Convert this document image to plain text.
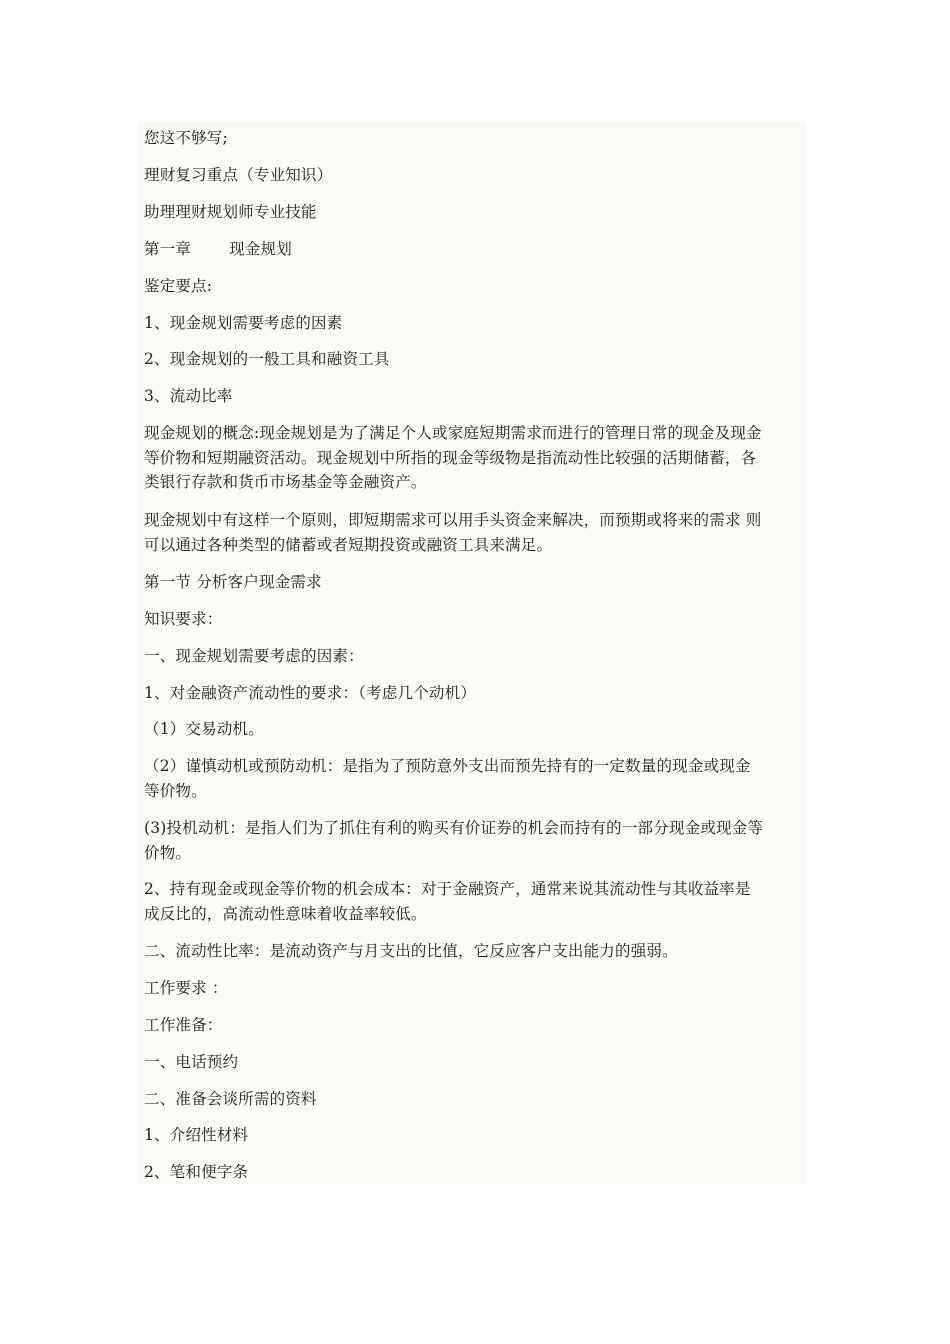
您这不够写;
理财复习重点（专业知识）
助理理财规划师专业技能
第一章 现金规划
鉴定要点:
1、现金规划需要考虑的因素
2、现金规划的一般工具和融资工具
3、流动比率
现金规划的概念:现金规划是为了满足个人或家庭短期需求而进行的管理日常的现金及现金
等价物和短期融资活动。现金规划中所指的现金等级物是指流动性比较强的活期储蓄，各
类银行存款和货币市场基金等金融资产。
现金规划中有这样一个原则，即短期需求可以用手头资金来解决，而预期或将来的需求 则
可以通过各种类型的储蓄或者短期投资或融资工具来满足。
第一节 分析客户现金需求
知识要求：
一、现金规划需要考虑的因素：
1、对金融资产流动性的要求：（考虑几个动机）
（1）交易动机。
（2）谨慎动机或预防动机：是指为了预防意外支出而预先持有的一定数量的现金或现金
等价物。
(3)投机动机：是指人们为了抓住有利的购买有价证券的机会而持有的一部分现金或现金等
价物。
2、持有现金或现金等价物的机会成本：对于金融资产，通常来说其流动性与其收益率是
成反比的，高流动性意味着收益率较低。
二、流动性比率：是流动资产与月支出的比值，它反应客户支出能力的强弱。
工作要求 ：
工作准备：
一、电话预约
二、准备会谈所需的资料
1、介绍性材料
2、笔和便字条
